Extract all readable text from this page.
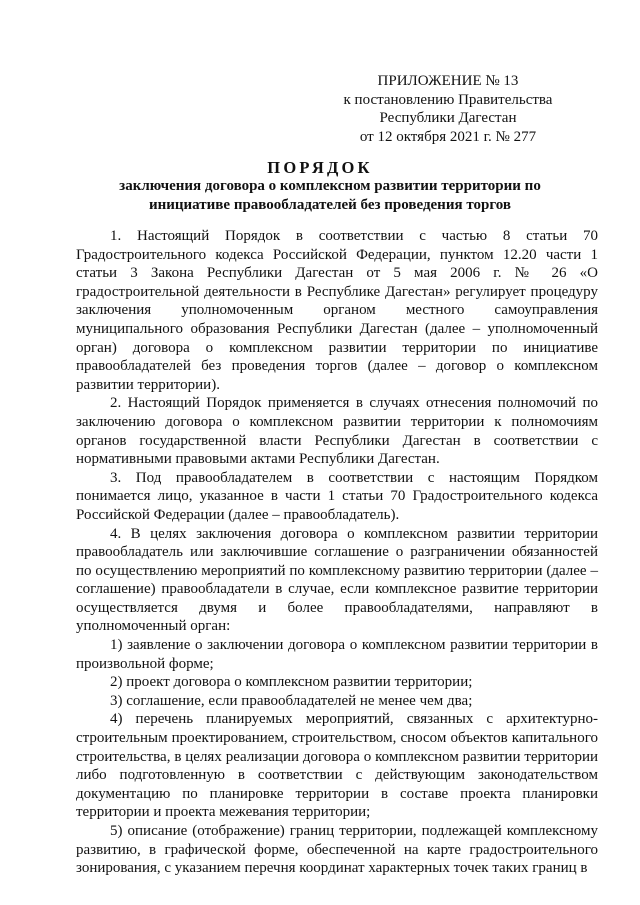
ПРИЛОЖЕНИЕ № 13
к постановлению Правительства
Республики Дагестан
от 12 октября 2021 г. № 277
ПОРЯДОК
заключения договора о комплексном развитии территории по
инициативе правообладателей без проведения торгов

1. Настоящий Порядок в соответствии с частью 8 статьи 70 Градостроительного кодекса Российской Федерации, пунктом 12.20 части 1 статьи 3 Закона Республики Дагестан от 5 мая 2006 г. № 26 «О градостроительной деятельности в Республике Дагестан» регулирует процедуру заключения уполномоченным органом местного самоуправления муниципального образования Республики Дагестан (далее – уполномоченный орган) договора о комплексном развитии территории по инициативе правообладателей без проведения торгов (далее – договор о комплексном развитии территории).

2. Настоящий Порядок применяется в случаях отнесения полномочий по заключению договора о комплексном развитии территории к полномочиям органов государственной власти Республики Дагестан в соответствии с нормативными правовыми актами Республики Дагестан.

3. Под правообладателем в соответствии с настоящим Порядком понимается лицо, указанное в части 1 статьи 70 Градостроительного кодекса Российской Федерации (далее – правообладатель).

4. В целях заключения договора о комплексном развитии территории правообладатель или заключившие соглашение о разграничении обязанностей по осуществлению мероприятий по комплексному развитию территории (далее – соглашение) правообладатели в случае, если комплексное развитие территории осуществляется двумя и более правообладателями, направляют в уполномоченный орган:

1) заявление о заключении договора о комплексном развитии территории в произвольной форме;

2) проект договора о комплексном развитии территории;

3) соглашение, если правообладателей не менее чем два;

4) перечень планируемых мероприятий, связанных с архитектурно-строительным проектированием, строительством, сносом объектов капитального строительства, в целях реализации договора о комплексном развитии территории либо подготовленную в соответствии с действующим законодательством документацию по планировке территории в составе проекта планировки территории и проекта межевания территории;

5) описание (отображение) границ территории, подлежащей комплексному развитию, в графической форме, обеспеченной на карте градостроительного зонирования, с указанием перечня координат характерных точек таких границ в
